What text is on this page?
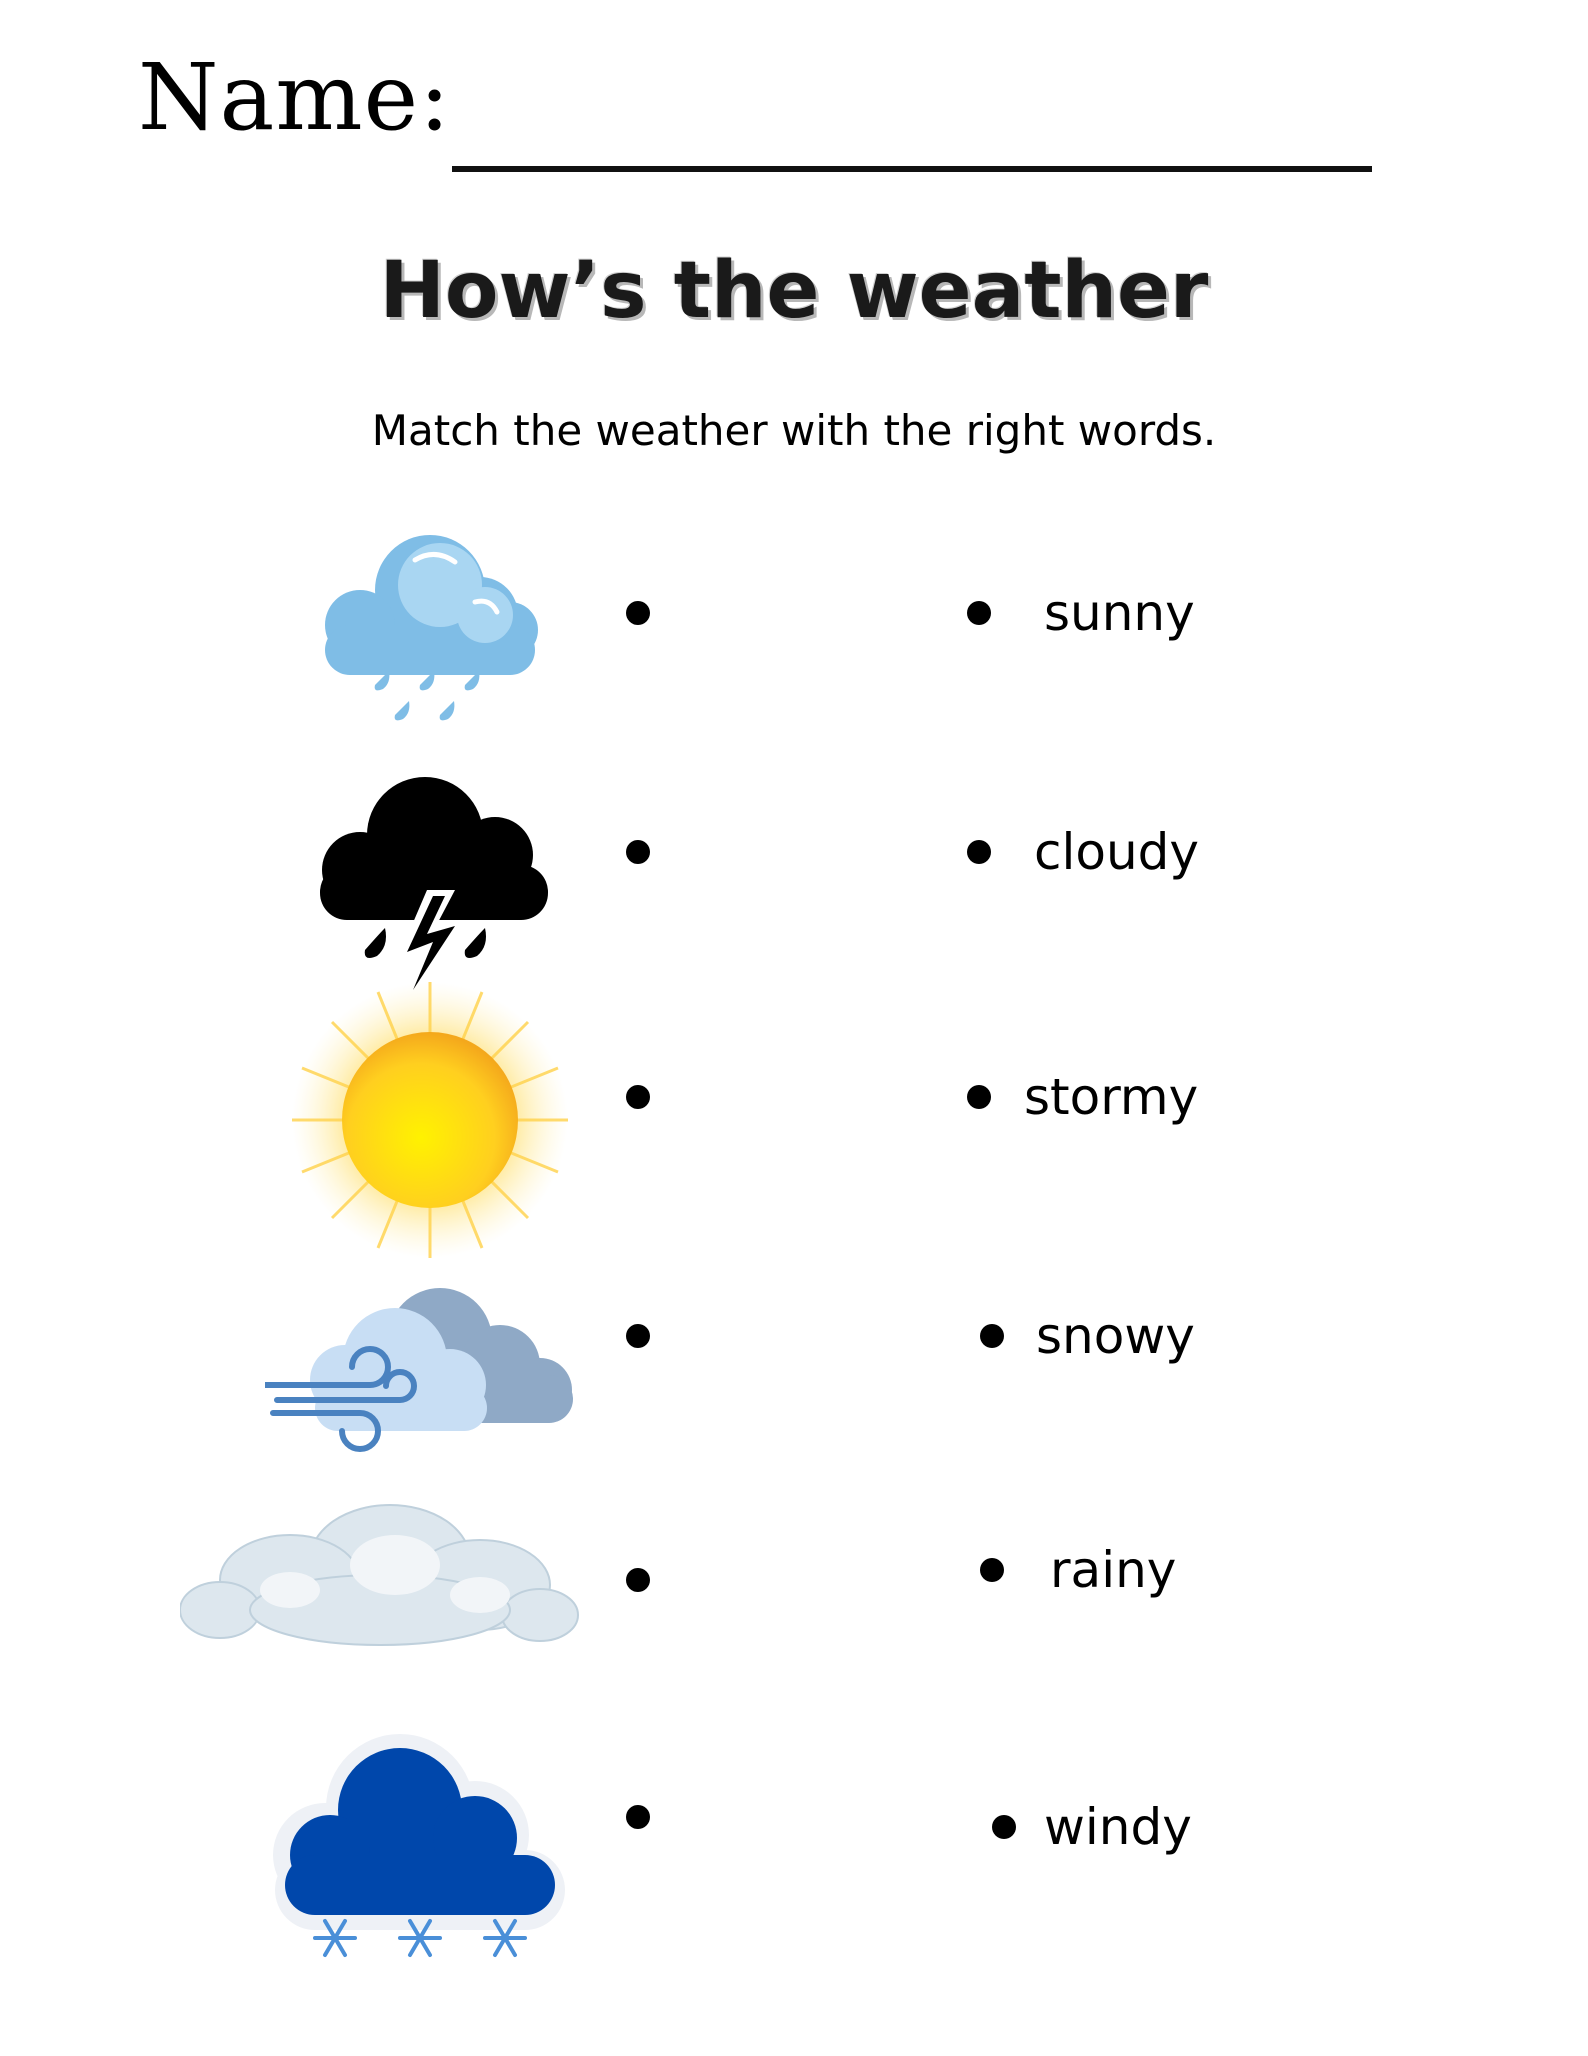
Name:
How’s the weather
Match the weather with the right words.
sunny
cloudy
stormy
snowy
rainy
windy
